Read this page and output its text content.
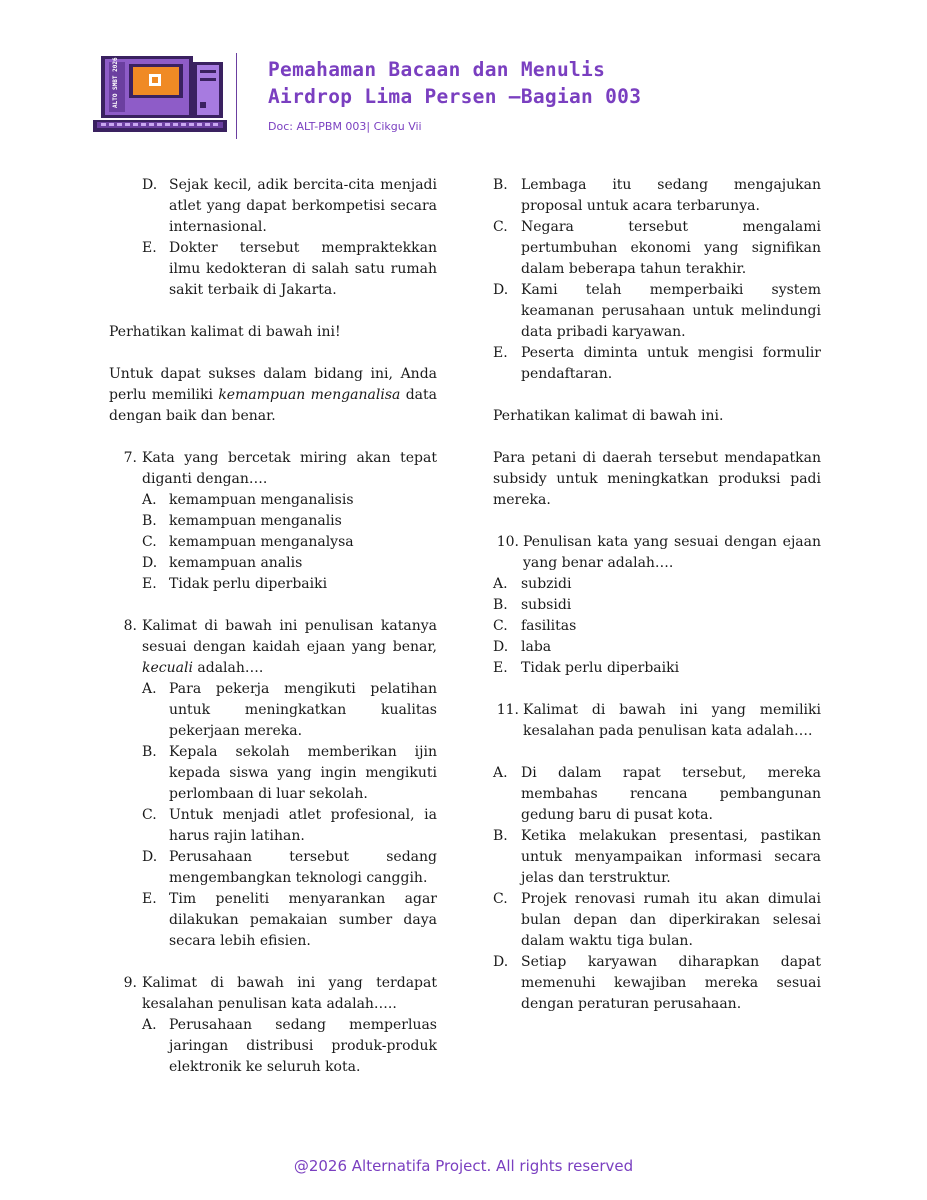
ALTO SMBT 2026	Pemahaman Bacaan dan Menulis
Airdrop Lima Persen –Bagian 003
Doc: ALT-PBM 003| Cikgu Vii
D. Sejak kecil, adik bercita-cita menjadi atlet yang dapat berkompetisi secara internasional.
E. Dokter tersebut mempraktekkan ilmu kedokteran di salah satu rumah sakit terbaik di Jakarta.

Perhatikan kalimat di bawah ini!

Untuk dapat sukses dalam bidang ini, Anda perlu memiliki kemampuan menganalisa data dengan baik dan benar.

7. Kata yang bercetak miring akan tepat diganti dengan….
A. kemampuan menganalisis
B. kemampuan menganalis
C. kemampuan menganalysa
D. kemampuan analis
E. Tidak perlu diperbaiki
8. Kalimat di bawah ini penulisan katanya sesuai dengan kaidah ejaan yang benar, kecuali adalah….
A. Para pekerja mengikuti pelatihan untuk meningkatkan kualitas pekerjaan mereka.
B. Kepala sekolah memberikan ijin kepada siswa yang ingin mengikuti perlombaan di luar sekolah.
C. Untuk menjadi atlet profesional, ia harus rajin latihan.
D. Perusahaan tersebut sedang mengembangkan teknologi canggih.
E. Tim peneliti menyarankan agar dilakukan pemakaian sumber daya secara lebih efisien.
9. Kalimat di bawah ini yang terdapat kesalahan penulisan kata adalah…..
A. Perusahaan sedang memperluas jaringan distribusi produk-produk elektronik ke seluruh kota.
B. Lembaga itu sedang mengajukan proposal untuk acara terbarunya.
C. Negara tersebut mengalami pertumbuhan ekonomi yang signifikan dalam beberapa tahun terakhir.
D. Kami telah memperbaiki system keamanan perusahaan untuk melindungi data pribadi karyawan.
E. Peserta diminta untuk mengisi formulir pendaftaran.

Perhatikan kalimat di bawah ini.

Para petani di daerah tersebut mendapatkan subsidy untuk meningkatkan produksi padi mereka.

10. Penulisan kata yang sesuai dengan ejaan yang benar adalah….
A. subzidi
B. subsidi
C. fasilitas
D. laba
E. Tidak perlu diperbaiki
11. Kalimat di bawah ini yang memiliki kesalahan pada penulisan kata adalah….
A. Di dalam rapat tersebut, mereka membahas rencana pembangunan gedung baru di pusat kota.
B. Ketika melakukan presentasi, pastikan untuk menyampaikan informasi secara jelas dan terstruktur.
C. Projek renovasi rumah itu akan dimulai bulan depan dan diperkirakan selesai dalam waktu tiga bulan.
D. Setiap karyawan diharapkan dapat memenuhi kewajiban mereka sesuai dengan peraturan perusahaan.
@2026 Alternatifa Project. All rights reserved
